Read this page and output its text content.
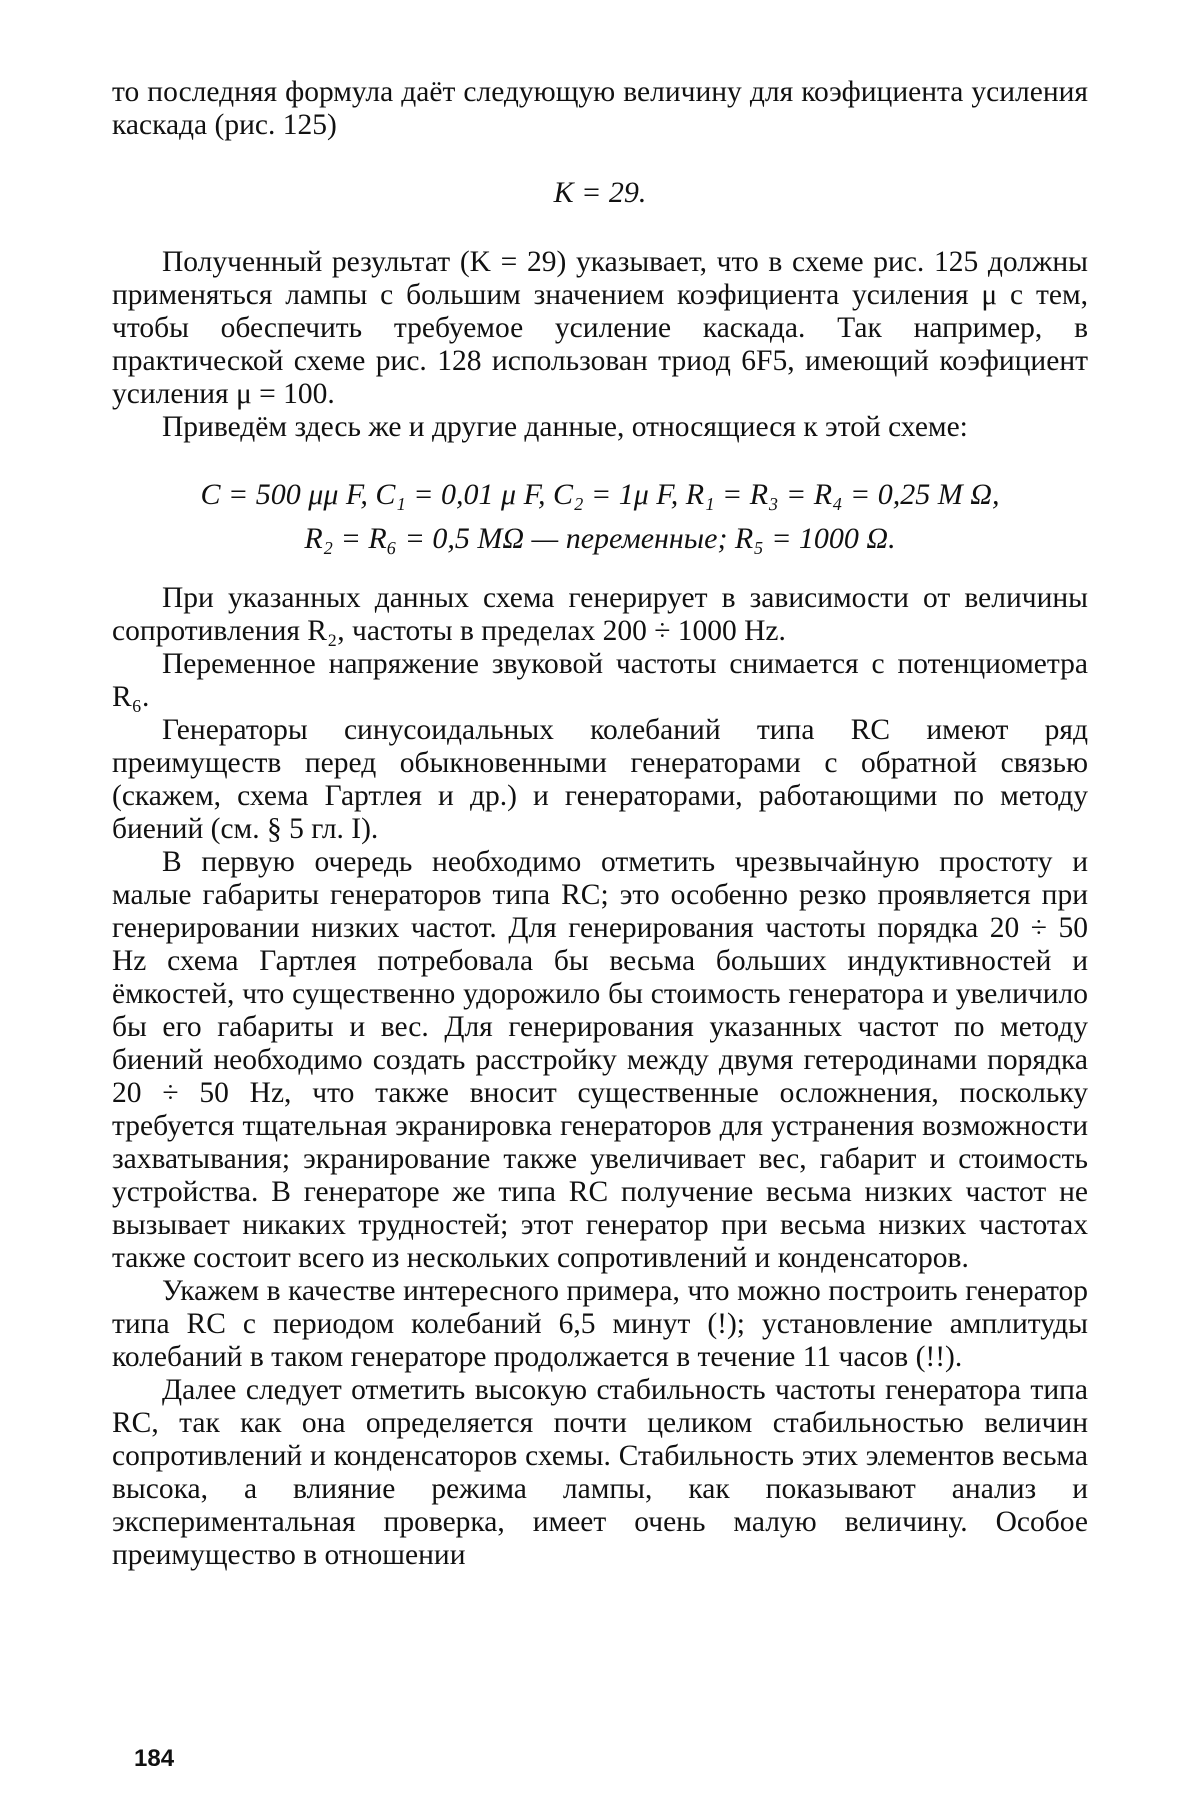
то последняя формула даёт следующую величину для коэфициента усиления каскада (рис. 125)

K = 29.

Полученный результат (K = 29) указывает, что в схеме рис. 125 должны применяться лампы с большим значением коэфициента усиления μ с тем, чтобы обеспечить требуемое усиление каскада. Так например, в практической схеме рис. 128 использован триод 6F5, имеющий коэфициент усиления μ = 100.

Приведём здесь же и другие данные, относящиеся к этой схеме:

C = 500 μμ F, C₁ = 0,01 μ F, C₂ = 1μ F, R₁ = R₃ = R₄ = 0,25 M Ω,
R₂ = R₆ = 0,5 MΩ — переменные; R₅ = 1000 Ω.

При указанных данных схема генерирует в зависимости от величины сопротивления R₂, частоты в пределах 200 ÷ 1000 Hz.

Переменное напряжение звуковой частоты снимается с потенциометра R₆.

Генераторы синусоидальных колебаний типа RC имеют ряд преимуществ перед обыкновенными генераторами с обратной связью (скажем, схема Гартлея и др.) и генераторами, работающими по методу биений (см. § 5 гл. I).

В первую очередь необходимо отметить чрезвычайную простоту и малые габариты генераторов типа RC; это особенно резко проявляется при генерировании низких частот. Для генерирования частоты порядка 20 ÷ 50 Hz схема Гартлея потребовала бы весьма больших индуктивностей и ёмкостей, что существенно удорожило бы стоимость генератора и увеличило бы его габариты и вес. Для генерирования указанных частот по методу биений необходимо создать расстройку между двумя гетеродинами порядка 20 ÷ 50 Hz, что также вносит существенные осложнения, поскольку требуется тщательная экранировка генераторов для устранения возможности захватывания; экранирование также увеличивает вес, габарит и стоимость устройства. В генераторе же типа RC получение весьма низких частот не вызывает никаких трудностей; этот генератор при весьма низких частотах также состоит всего из нескольких сопротивлений и конденсаторов.

Укажем в качестве интересного примера, что можно построить генератор типа RC с периодом колебаний 6,5 минут (!); установление амплитуды колебаний в таком генераторе продолжается в течение 11 часов (!!).

Далее следует отметить высокую стабильность частоты генератора типа RC, так как она определяется почти целиком стабильностью величин сопротивлений и конденсаторов схемы. Стабильность этих элементов весьма высока, а влияние режима лампы, как показывают анализ и экспериментальная проверка, имеет очень малую величину. Особое преимущество в отношении

184
